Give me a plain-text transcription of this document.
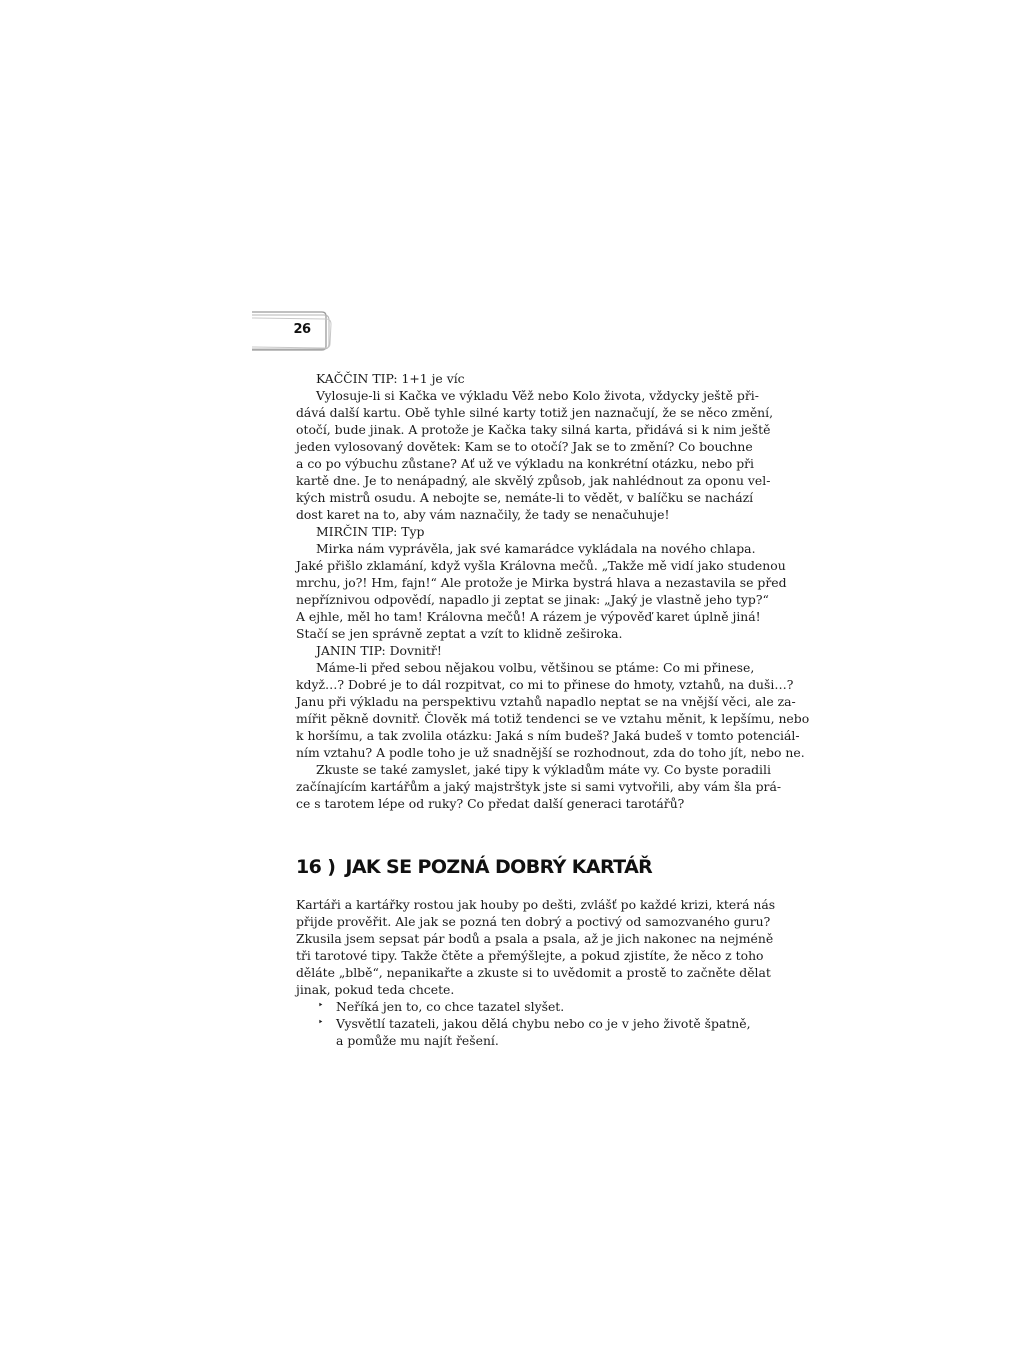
26
KAČČIN TIP: 1+1 je víc
Vylosuje-li si Kačka ve výkladu Věž nebo Kolo života, vždycky ještě při-
dává další kartu. Obě tyhle silné karty totiž jen naznačují, že se něco změní,
otočí, bude jinak. A protože je Kačka taky silná karta, přidává si k nim ještě
jeden vylosovaný dovětek: Kam se to otočí? Jak se to změní? Co bouchne
a co po výbuchu zůstane? Ať už ve výkladu na konkrétní otázku, nebo při
kartě dne. Je to nenápadný, ale skvělý způsob, jak nahlédnout za oponu vel-
kých mistrů osudu. A nebojte se, nemáte-li to vědět, v balíčku se nachází
dost karet na to, aby vám naznačily, že tady se nenačuhuje!
MIRČIN TIP: Typ
Mirka nám vyprávěla, jak své kamarádce vykládala na nového chlapa.
Jaké přišlo zklamání, když vyšla Královna mečů. „Takže mě vidí jako studenou
mrchu, jo?! Hm, fajn!“ Ale protože je Mirka bystrá hlava a nezastavila se před
nepříznivou odpovědí, napadlo ji zeptat se jinak: „Jaký je vlastně jeho typ?“
A ejhle, měl ho tam! Královna mečů! A rázem je výpověď karet úplně jiná!
Stačí se jen správně zeptat a vzít to klidně zeširoka.
JANIN TIP: Dovnitř!
Máme-li před sebou nějakou volbu, většinou se ptáme: Co mi přinese,
když…? Dobré je to dál rozpitvat, co mi to přinese do hmoty, vztahů, na duši…?
Janu při výkladu na perspektivu vztahů napadlo neptat se na vnější věci, ale za-
mířit pěkně dovnitř. Člověk má totiž tendenci se ve vztahu měnit, k lepšímu, nebo
k horšímu, a tak zvolila otázku: Jaká s ním budeš? Jaká budeš v tomto potenciál-
ním vztahu? A podle toho je už snadnější se rozhodnout, zda do toho jít, nebo ne.
Zkuste se také zamyslet, jaké tipy k výkladům máte vy. Co byste poradili
začínajícím kartářům a jaký majstrštyk jste si sami vytvořili, aby vám šla prá-
ce s tarotem lépe od ruky? Co předat další generaci tarotářů?
16 ) JAK SE POZNÁ DOBRÝ KARTÁŘ
Kartáři a kartářky rostou jak houby po dešti, zvlášť po každé krizi, která nás
přijde prověřit. Ale jak se pozná ten dobrý a poctivý od samozvaného guru?
Zkusila jsem sepsat pár bodů a psala a psala, až je jich nakonec na nejméně
tři tarotové tipy. Takže čtěte a přemýšlejte, a pokud zjistíte, že něco z toho
děláte „blbě“, nepanikařte a zkuste si to uvědomit a prostě to začněte dělat
jinak, pokud teda chcete.
‣ Neříká jen to, co chce tazatel slyšet.
‣ Vysvětlí tazateli, jakou dělá chybu nebo co je v jeho životě špatně,
a pomůže mu najít řešení.
